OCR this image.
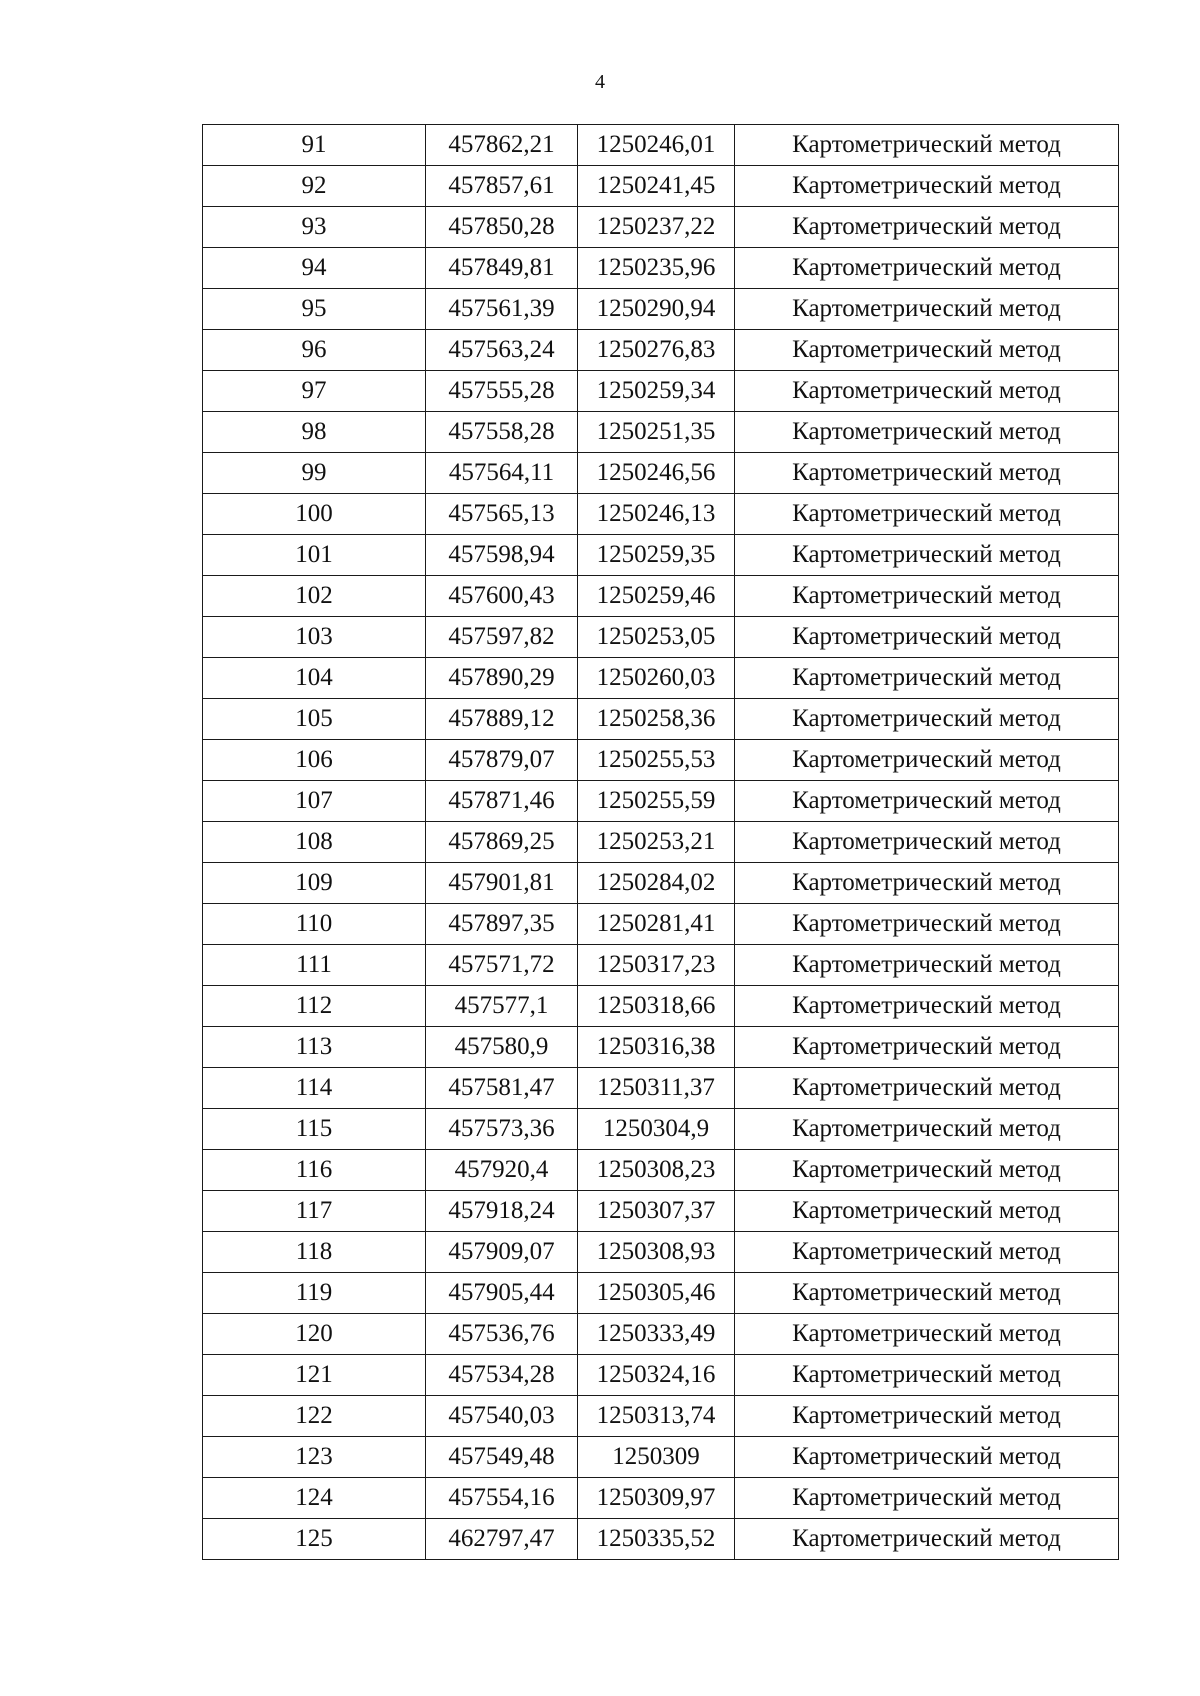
4
91	457862,21	1250246,01	Картометрический метод
92	457857,61	1250241,45	Картометрический метод
93	457850,28	1250237,22	Картометрический метод
94	457849,81	1250235,96	Картометрический метод
95	457561,39	1250290,94	Картометрический метод
96	457563,24	1250276,83	Картометрический метод
97	457555,28	1250259,34	Картометрический метод
98	457558,28	1250251,35	Картометрический метод
99	457564,11	1250246,56	Картометрический метод
100	457565,13	1250246,13	Картометрический метод
101	457598,94	1250259,35	Картометрический метод
102	457600,43	1250259,46	Картометрический метод
103	457597,82	1250253,05	Картометрический метод
104	457890,29	1250260,03	Картометрический метод
105	457889,12	1250258,36	Картометрический метод
106	457879,07	1250255,53	Картометрический метод
107	457871,46	1250255,59	Картометрический метод
108	457869,25	1250253,21	Картометрический метод
109	457901,81	1250284,02	Картометрический метод
110	457897,35	1250281,41	Картометрический метод
111	457571,72	1250317,23	Картометрический метод
112	457577,1	1250318,66	Картометрический метод
113	457580,9	1250316,38	Картометрический метод
114	457581,47	1250311,37	Картометрический метод
115	457573,36	1250304,9	Картометрический метод
116	457920,4	1250308,23	Картометрический метод
117	457918,24	1250307,37	Картометрический метод
118	457909,07	1250308,93	Картометрический метод
119	457905,44	1250305,46	Картометрический метод
120	457536,76	1250333,49	Картометрический метод
121	457534,28	1250324,16	Картометрический метод
122	457540,03	1250313,74	Картометрический метод
123	457549,48	1250309	Картометрический метод
124	457554,16	1250309,97	Картометрический метод
125	462797,47	1250335,52	Картометрический метод
